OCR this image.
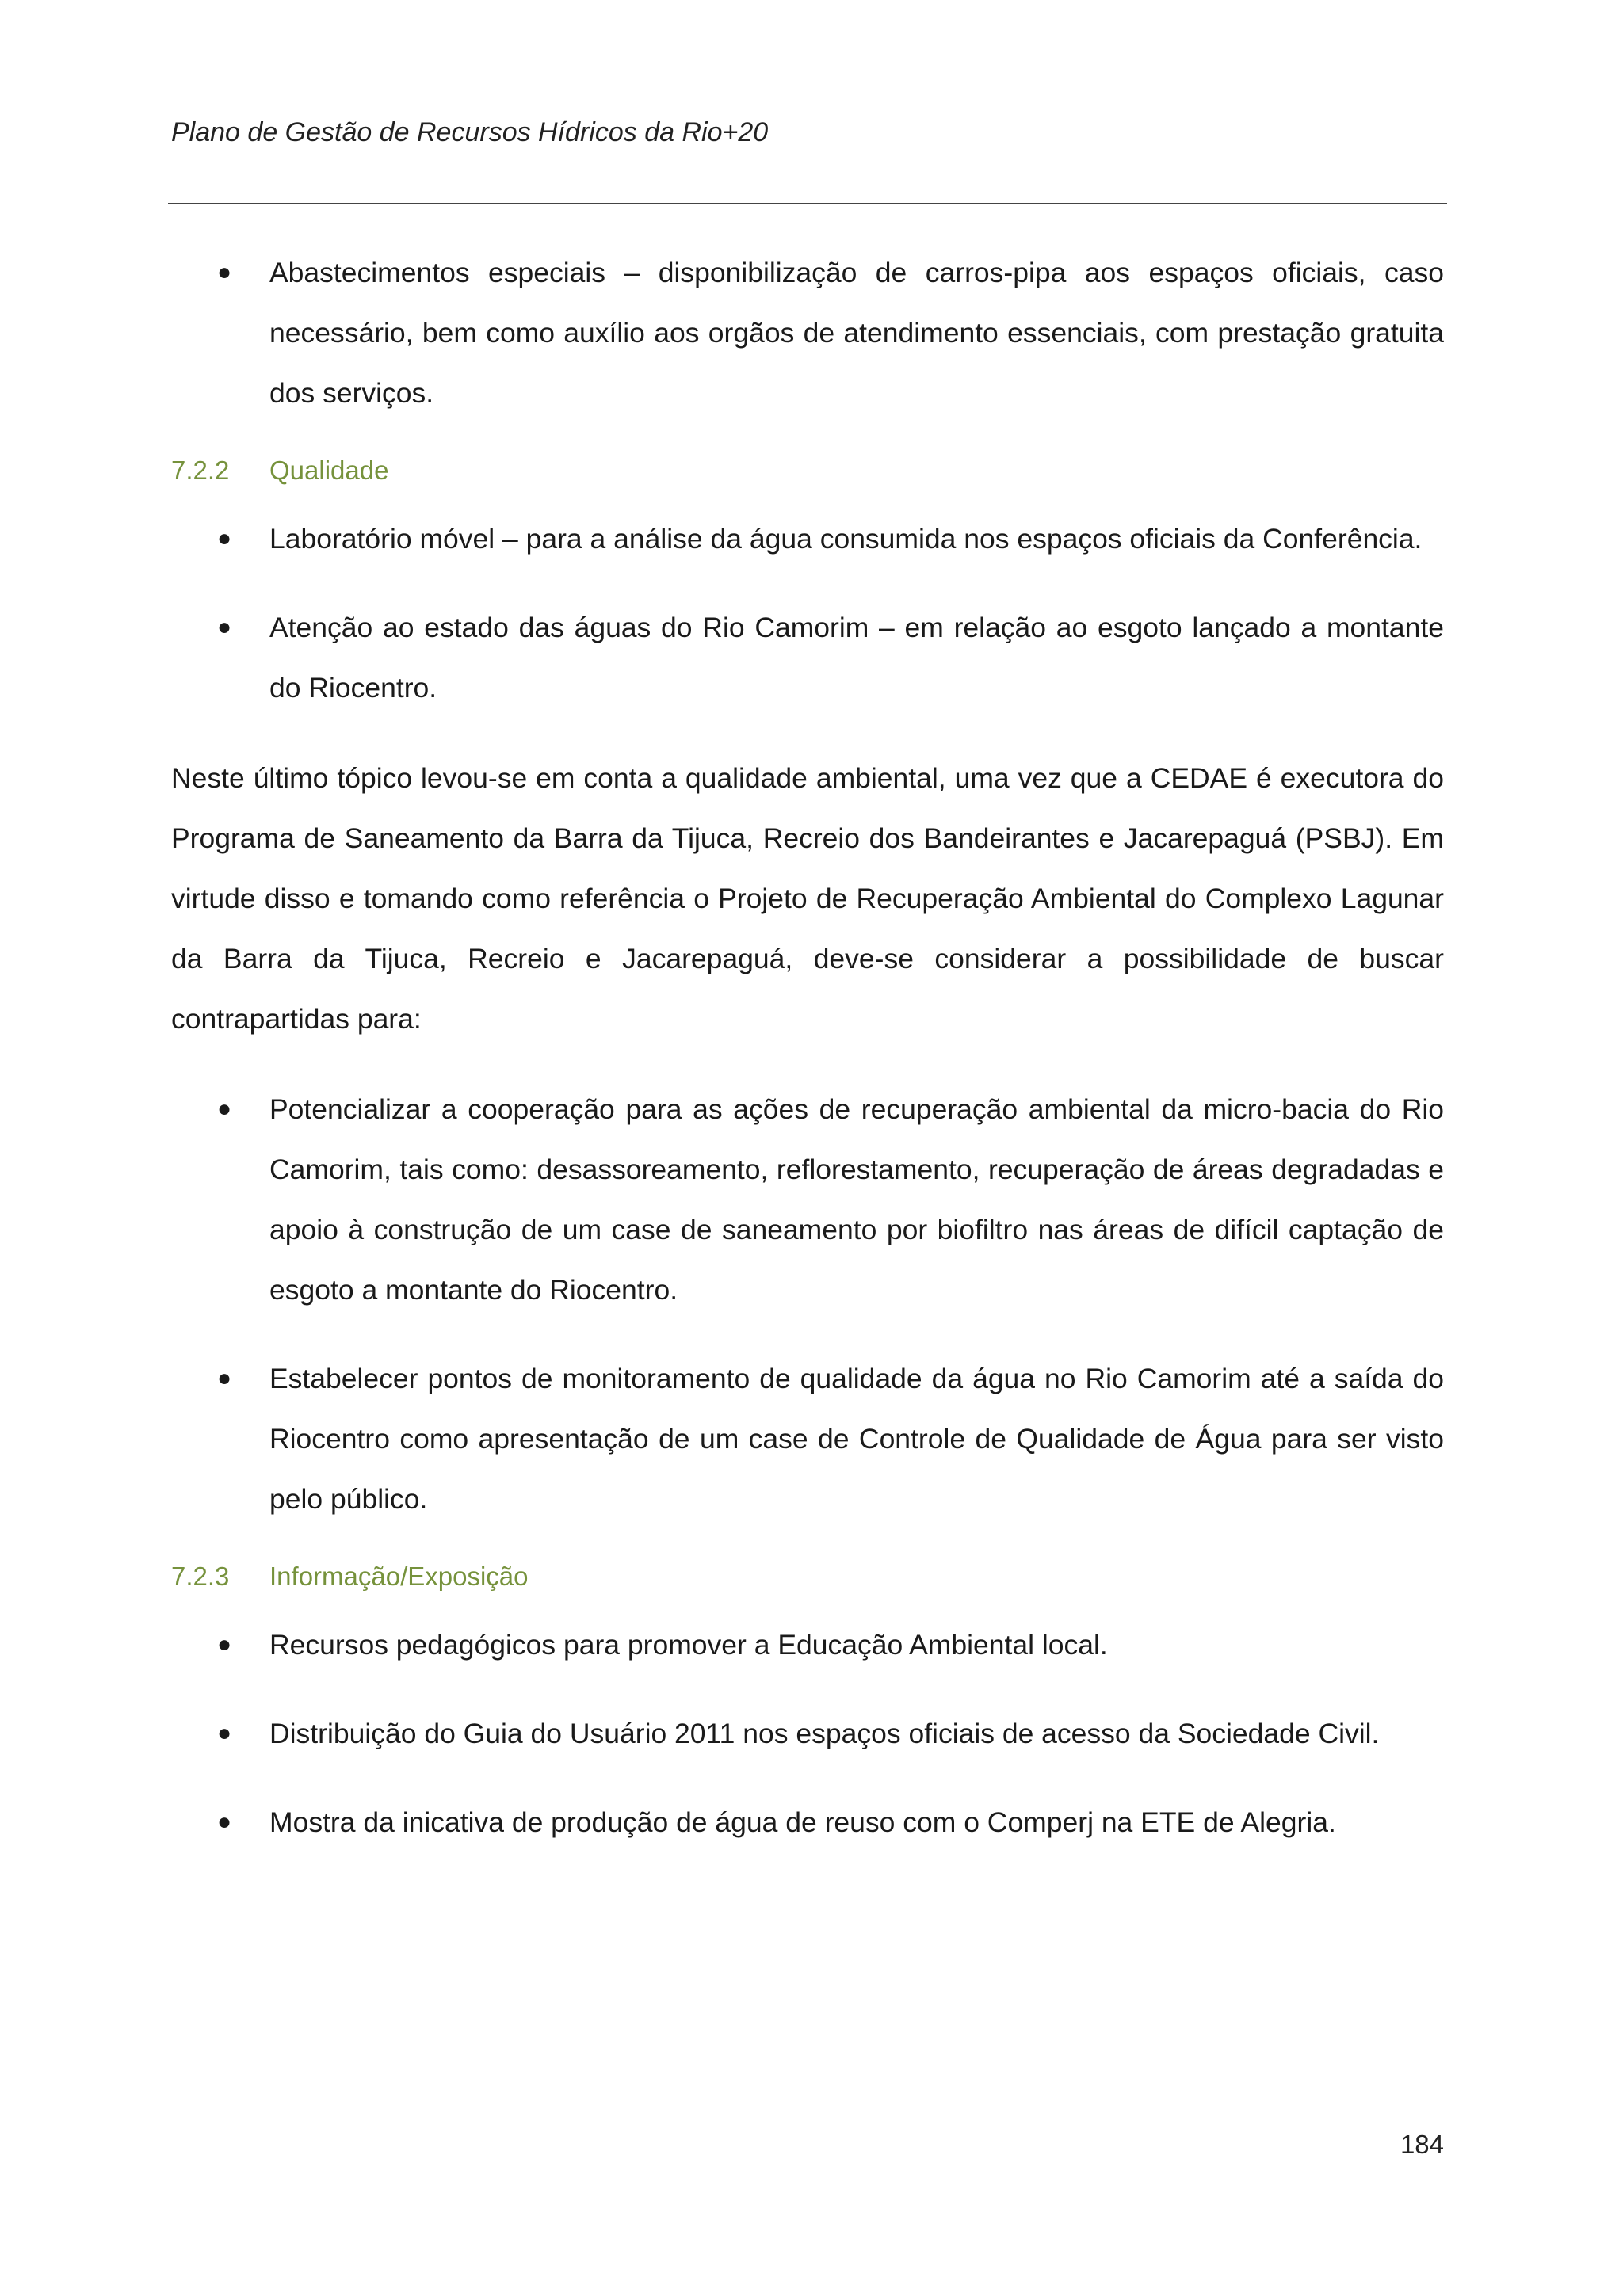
Plano de Gestão de Recursos Hídricos da Rio+20

● Abastecimentos especiais – disponibilização de carros-pipa aos espaços oficiais, caso necessário, bem como auxílio aos orgãos de atendimento essenciais, com prestação gratuita dos serviços.

7.2.2 Qualidade

● Laboratório móvel – para a análise da água consumida nos espaços oficiais da Conferência.

● Atenção ao estado das águas do Rio Camorim – em relação ao esgoto lançado a montante do Riocentro.

Neste último tópico levou-se em conta a qualidade ambiental, uma vez que a CEDAE é executora do Programa de Saneamento da Barra da Tijuca, Recreio dos Bandeirantes e Jacarepaguá (PSBJ). Em virtude disso e tomando como referência o Projeto de Recuperação Ambiental do Complexo Lagunar da Barra da Tijuca, Recreio e Jacarepaguá, deve-se considerar a possibilidade de buscar contrapartidas para:

● Potencializar a cooperação para as ações de recuperação ambiental da micro-bacia do Rio Camorim, tais como: desassoreamento, reflorestamento, recuperação de áreas degradadas e apoio à construção de um case de saneamento por biofiltro nas áreas de difícil captação de esgoto a montante do Riocentro.

● Estabelecer pontos de monitoramento de qualidade da água no Rio Camorim até a saída do Riocentro como apresentação de um case de Controle de Qualidade de Água para ser visto pelo público.

7.2.3 Informação/Exposição

● Recursos pedagógicos para promover a Educação Ambiental local.

● Distribuição do Guia do Usuário 2011 nos espaços oficiais de acesso da Sociedade Civil.

● Mostra da inicativa de produção de água de reuso com o Comperj na ETE de Alegria.

184
